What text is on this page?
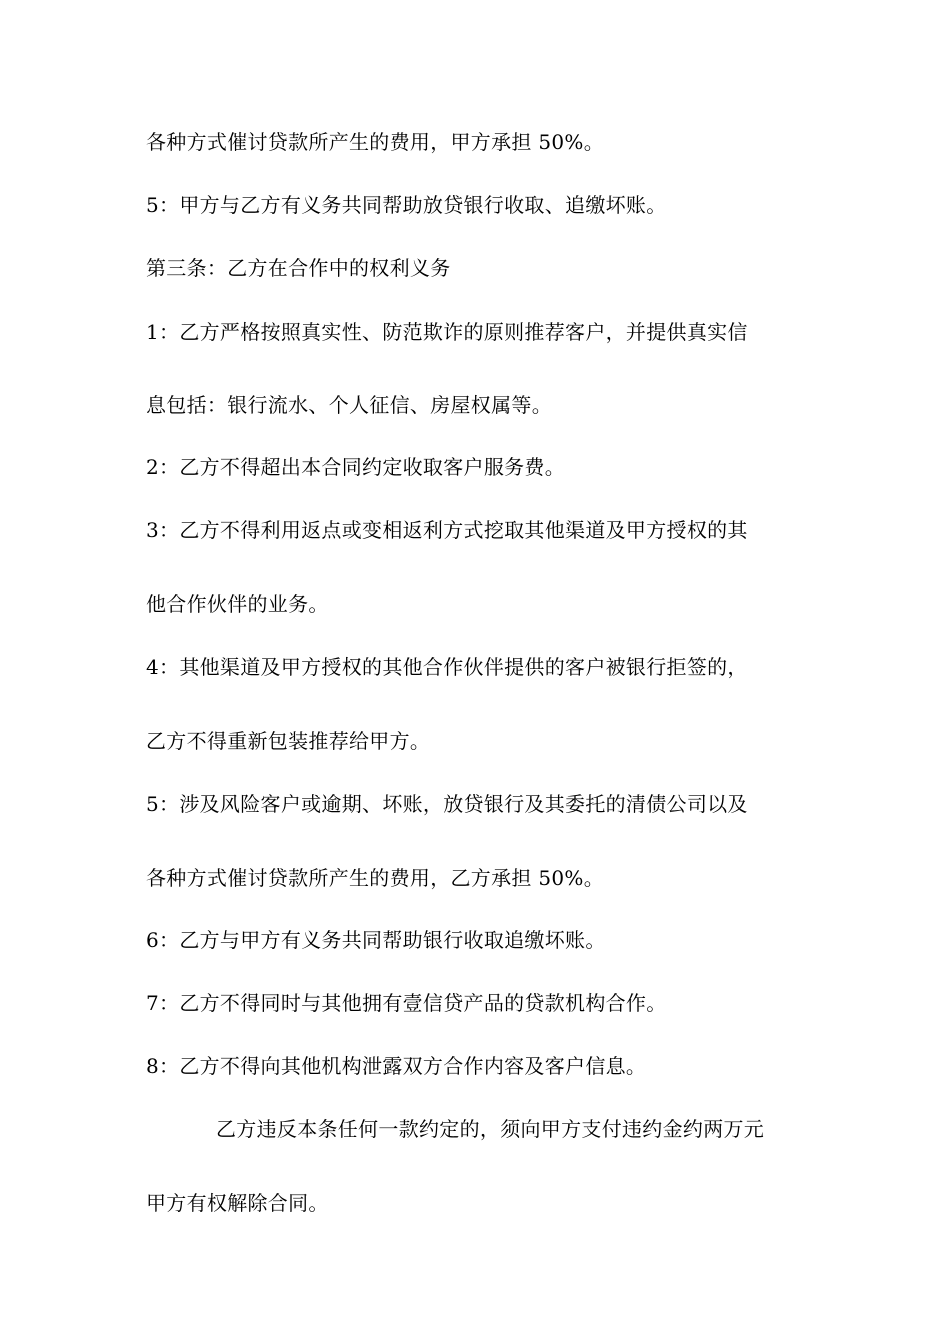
各种方式催讨贷款所产生的费用，甲方承担 50%。
5：甲方与乙方有义务共同帮助放贷银行收取、追缴坏账。
第三条：乙方在合作中的权利义务
1：乙方严格按照真实性、防范欺诈的原则推荐客户，并提供真实信
息包括：银行流水、个人征信、房屋权属等。
2：乙方不得超出本合同约定收取客户服务费。
3：乙方不得利用返点或变相返利方式挖取其他渠道及甲方授权的其
他合作伙伴的业务。
4：其他渠道及甲方授权的其他合作伙伴提供的客户被银行拒签的，
乙方不得重新包装推荐给甲方。
5：涉及风险客户或逾期、坏账，放贷银行及其委托的清债公司以及
各种方式催讨贷款所产生的费用，乙方承担 50%。
6：乙方与甲方有义务共同帮助银行收取追缴坏账。
7：乙方不得同时与其他拥有壹信贷产品的贷款机构合作。
8：乙方不得向其他机构泄露双方合作内容及客户信息。
乙方违反本条任何一款约定的，须向甲方支付违约金约两万元
甲方有权解除合同。
